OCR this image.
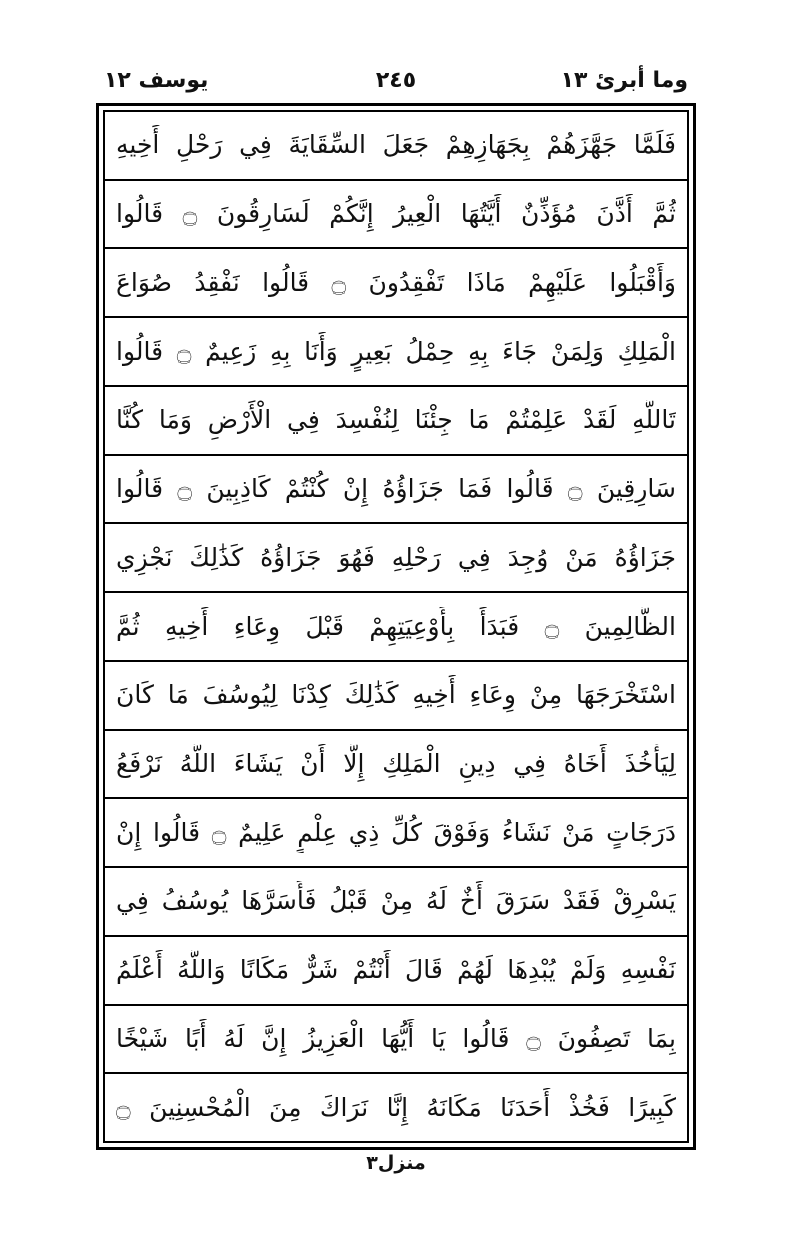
وما أبرئ ١٣
٢٤٥
يوسف ١٢
فَلَمَّا جَهَّزَهُمْ بِجَهَازِهِمْ جَعَلَ السِّقَايَةَ فِي رَحْلِ أَخِيهِ
ثُمَّ أَذَّنَ مُؤَذِّنٌ أَيَّتُهَا الْعِيرُ إِنَّكُمْ لَسَارِقُونَ ۝ قَالُوا
وَأَقْبَلُوا عَلَيْهِمْ مَاذَا تَفْقِدُونَ ۝ قَالُوا نَفْقِدُ صُوَاعَ
الْمَلِكِ وَلِمَنْ جَاءَ بِهِ حِمْلُ بَعِيرٍ وَأَنَا بِهِ زَعِيمٌ ۝ قَالُوا
تَاللَّهِ لَقَدْ عَلِمْتُمْ مَا جِئْنَا لِنُفْسِدَ فِي الْأَرْضِ وَمَا كُنَّا
سَارِقِينَ ۝ قَالُوا فَمَا جَزَاؤُهُ إِنْ كُنْتُمْ كَاذِبِينَ ۝ قَالُوا
جَزَاؤُهُ مَنْ وُجِدَ فِي رَحْلِهِ فَهُوَ جَزَاؤُهُ كَذَٰلِكَ نَجْزِي
الظَّالِمِينَ ۝ فَبَدَأَ بِأَوْعِيَتِهِمْ قَبْلَ وِعَاءِ أَخِيهِ ثُمَّ
اسْتَخْرَجَهَا مِنْ وِعَاءِ أَخِيهِ كَذَٰلِكَ كِدْنَا لِيُوسُفَ مَا كَانَ
لِيَأْخُذَ أَخَاهُ فِي دِينِ الْمَلِكِ إِلَّا أَنْ يَشَاءَ اللَّهُ نَرْفَعُ
دَرَجَاتٍ مَنْ نَشَاءُ وَفَوْقَ كُلِّ ذِي عِلْمٍ عَلِيمٌ ۝ قَالُوا إِنْ
يَسْرِقْ فَقَدْ سَرَقَ أَخٌ لَهُ مِنْ قَبْلُ فَأَسَرَّهَا يُوسُفُ فِي
نَفْسِهِ وَلَمْ يُبْدِهَا لَهُمْ قَالَ أَنْتُمْ شَرٌّ مَكَانًا وَاللَّهُ أَعْلَمُ
بِمَا تَصِفُونَ ۝ قَالُوا يَا أَيُّهَا الْعَزِيزُ إِنَّ لَهُ أَبًا شَيْخًا
كَبِيرًا فَخُذْ أَحَدَنَا مَكَانَهُ إِنَّا نَرَاكَ مِنَ الْمُحْسِنِينَ ۝
منزل٣
